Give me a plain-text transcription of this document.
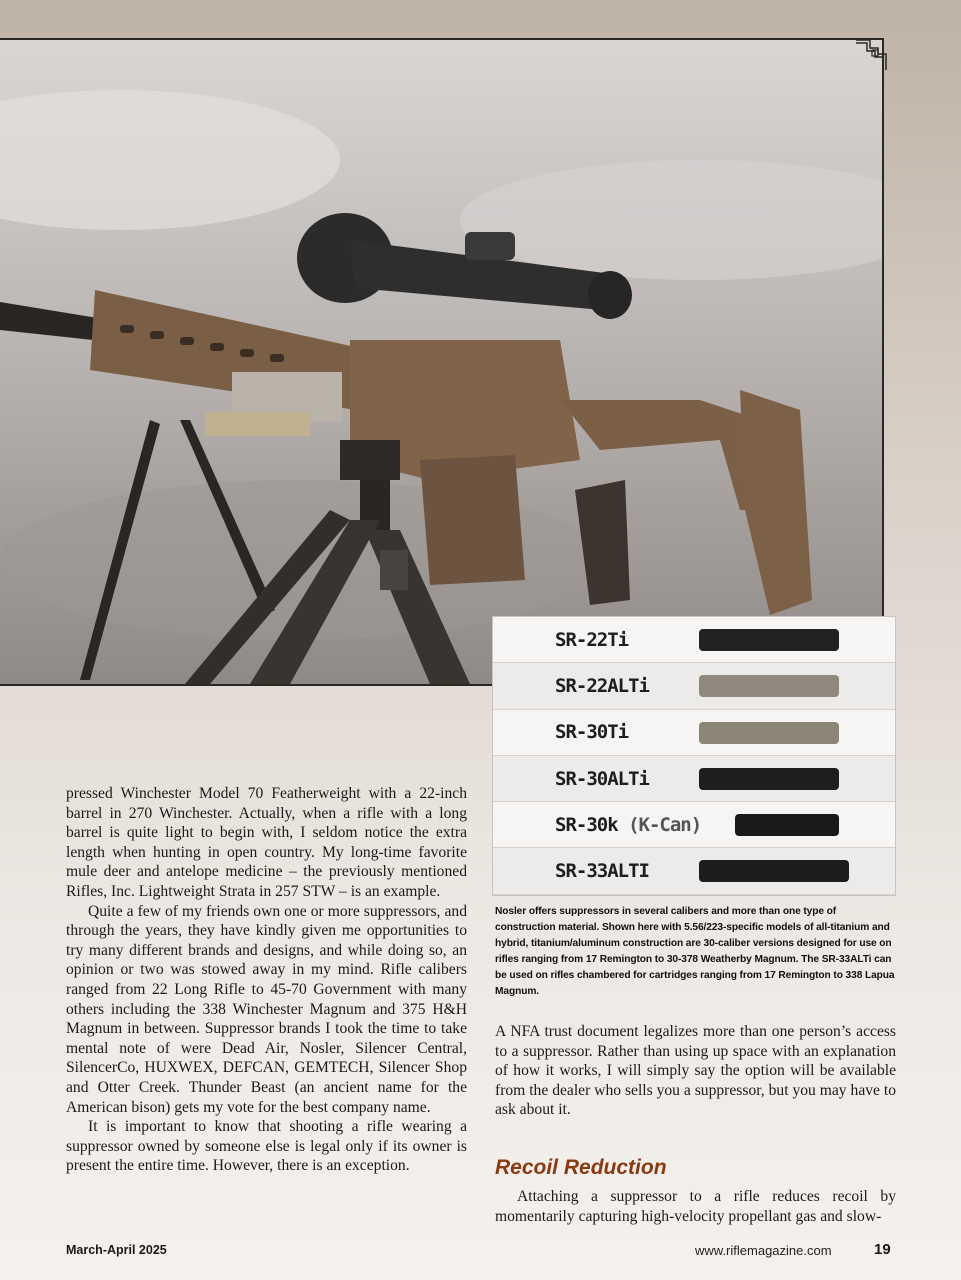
SR-22Ti
SR-22ALTi
SR-30Ti
SR-30ALTi
SR-30k (K-Can)
SR-33ALTI
Nosler offers suppressors in several calibers and more than one type of construction material. Shown here with 5.56/223-specific models of all-titanium and hybrid, titanium/aluminum construction are 30-caliber versions designed for use on rifles ranging from 17 Remington to 30-378 Weatherby Magnum. The SR-33ALTi can be used on rifles chambered for cartridges ranging from 17 Remington to 338 Lapua Magnum.

pressed Winchester Model 70 Featherweight with a 22-inch barrel in 270 Winchester. Actually, when a rifle with a long barrel is quite light to begin with, I seldom notice the extra length when hunting in open country. My long-time favorite mule deer and antelope medicine – the previously mentioned Rifles, Inc. Lightweight Strata in 257 STW – is an example.

Quite a few of my friends own one or more suppressors, and through the years, they have kindly given me opportunities to try many different brands and designs, and while doing so, an opinion or two was stowed away in my mind. Rifle calibers ranged from 22 Long Rifle to 45-70 Government with many others including the 338 Winchester Magnum and 375 H&H Magnum in between. Suppressor brands I took the time to take mental note of were Dead Air, Nosler, Silencer Central, SilencerCo, HUXWEX, DEFCAN, GEMTECH, Silencer Shop and Otter Creek. Thunder Beast (an ancient name for the American bison) gets my vote for the best company name.

It is important to know that shooting a rifle wearing a suppressor owned by someone else is legal only if its owner is present the entire time. However, there is an exception.

A NFA trust document legalizes more than one person’s access to a suppressor. Rather than using up space with an explanation of how it works, I will simply say the option will be available from the dealer who sells you a suppressor, but you may have to ask about it.

Recoil Reduction

Attaching a suppressor to a rifle reduces recoil by momentarily capturing high-velocity propellant gas and slow-

March-April 2025	www.riflemagazine.com	19
